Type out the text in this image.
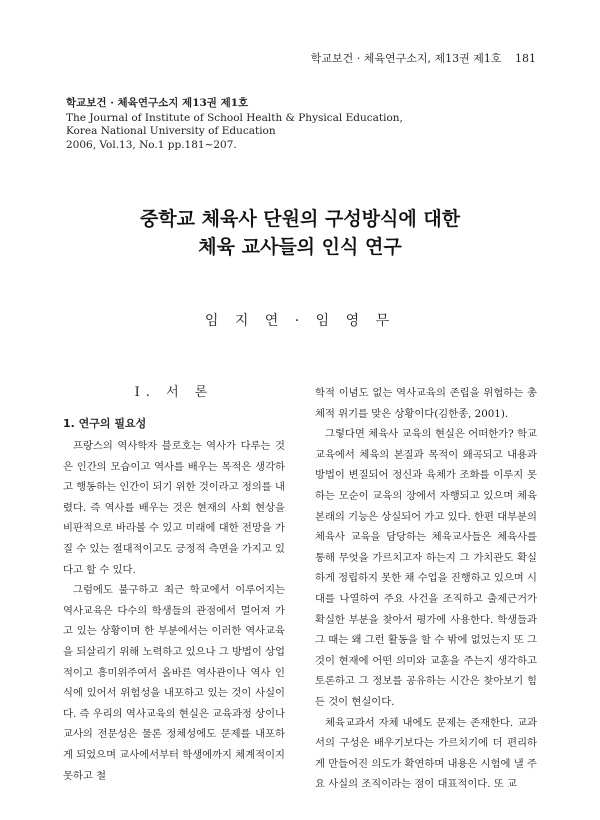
학교보건 · 체육연구소지, 제13권 제1호 181
학교보건 · 체육연구소지 제13권 제1호
The Journal of Institute of School Health & Physical Education,
Korea National University of Education
2006, Vol.13, No.1 pp.181∼207.
중학교 체육사 단원의 구성방식에 대한
체육 교사들의 인식 연구
임 지 연 · 임 영 무
Ⅰ. 서 론
1. 연구의 필요성

프랑스의 역사학자 블로호는 역사가 다루는 것은 인간의 모습이고 역사를 배우는 목적은 생각하고 행동하는 인간이 되기 위한 것이라고 정의를 내렸다. 즉 역사를 배우는 것은 현재의 사회 현상을 비판적으로 바라볼 수 있고 미래에 대한 전망을 가질 수 있는 절대적이고도 긍정적 측면을 가지고 있다고 할 수 있다.

그럼에도 불구하고 최근 학교에서 이루어지는 역사교육은 다수의 학생들의 관점에서 멀어져 가고 있는 상황이며 한 부분에서는 이러한 역사교육을 되살리기 위해 노력하고 있으나 그 방법이 상업적이고 흥미위주여서 올바른 역사관이나 역사 인식에 있어서 위험성을 내포하고 있는 것이 사실이다. 즉 우리의 역사교육의 현실은 교육과정 상이나 교사의 전문성은 물론 정체성에도 문제를 내포하게 되었으며 교사에서부터 학생에까지 체계적이지 못하고 철

학적 이념도 없는 역사교육의 존립을 위협하는 총체적 위기를 맞은 상황이다(김한종, 2001).

그렇다면 체육사 교육의 현실은 어떠한가? 학교교육에서 체육의 본질과 목적이 왜곡되고 내용과 방법이 변질되어 정신과 육체가 조화를 이루지 못하는 모순이 교육의 장에서 자행되고 있으며 체육 본래의 기능은 상실되어 가고 있다. 한편 대부분의 체육사 교육을 담당하는 체육교사들은 체육사를 통해 무엇을 가르치고자 하는지 그 가치관도 확실하게 정립하지 못한 채 수업을 진행하고 있으며 시대를 나열하여 주요 사건을 조직하고 출제근거가 확실한 부분을 찾아서 평가에 사용한다. 학생들과 그 때는 왜 그런 활동을 할 수 밖에 없었는지 또 그것이 현재에 어떤 의미와 교훈을 주는지 생각하고 토론하고 그 정보를 공유하는 시간은 찾아보기 힘든 것이 현실이다.

체육교과서 자체 내에도 문제는 존재한다. 교과서의 구성은 배우기보다는 가르치기에 더 편리하게 만들어진 의도가 확연하며 내용은 시험에 낼 주요 사실의 조직이라는 점이 대표적이다. 또 교
